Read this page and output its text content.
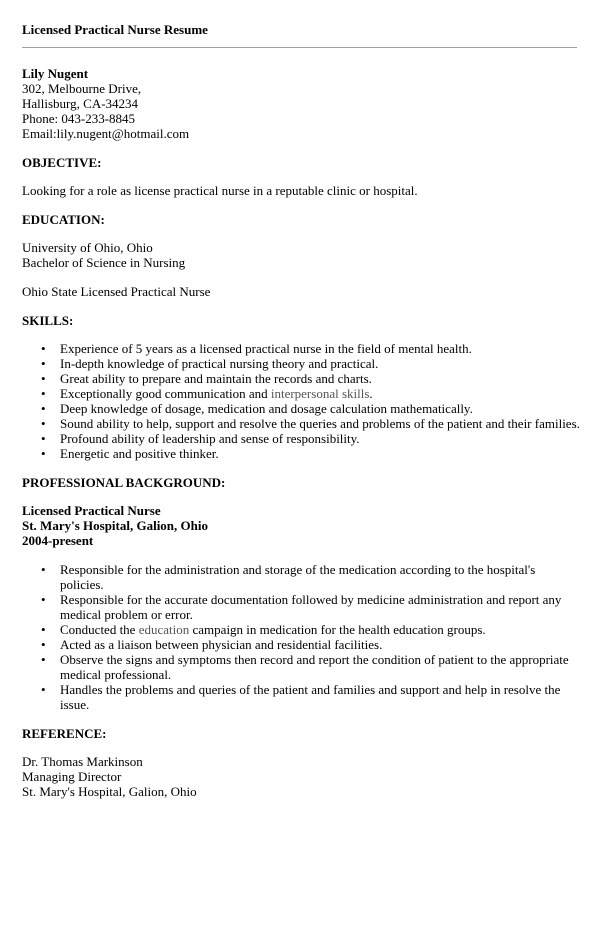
Licensed Practical Nurse Resume
Lily Nugent
302, Melbourne Drive,
Hallisburg, CA-34234
Phone: 043-233-8845
Email:lily.nugent@hotmail.com
OBJECTIVE:

Looking for a role as license practical nurse in a reputable clinic or hospital.

EDUCATION:
University of Ohio, Ohio
Bachelor of Science in Nursing
Ohio State Licensed Practical Nurse
SKILLS:
• Experience of 5 years as a licensed practical nurse in the field of mental health.
• In-depth knowledge of practical nursing theory and practical.
• Great ability to prepare and maintain the records and charts.
• Exceptionally good communication and interpersonal skills.
• Deep knowledge of dosage, medication and dosage calculation mathematically.
• Sound ability to help, support and resolve the queries and problems of the patient and their families.
• Profound ability of leadership and sense of responsibility.
• Energetic and positive thinker.
PROFESSIONAL BACKGROUND:
Licensed Practical Nurse
St. Mary's Hospital, Galion, Ohio
2004-present
• Responsible for the administration and storage of the medication according to the hospital's policies.
• Responsible for the accurate documentation followed by medicine administration and report any medical problem or error.
• Conducted the education campaign in medication for the health education groups.
• Acted as a liaison between physician and residential facilities.
• Observe the signs and symptoms then record and report the condition of patient to the appropriate medical professional.
• Handles the problems and queries of the patient and families and support and help in resolve the issue.
REFERENCE:
Dr. Thomas Markinson
Managing Director
St. Mary's Hospital, Galion, Ohio
